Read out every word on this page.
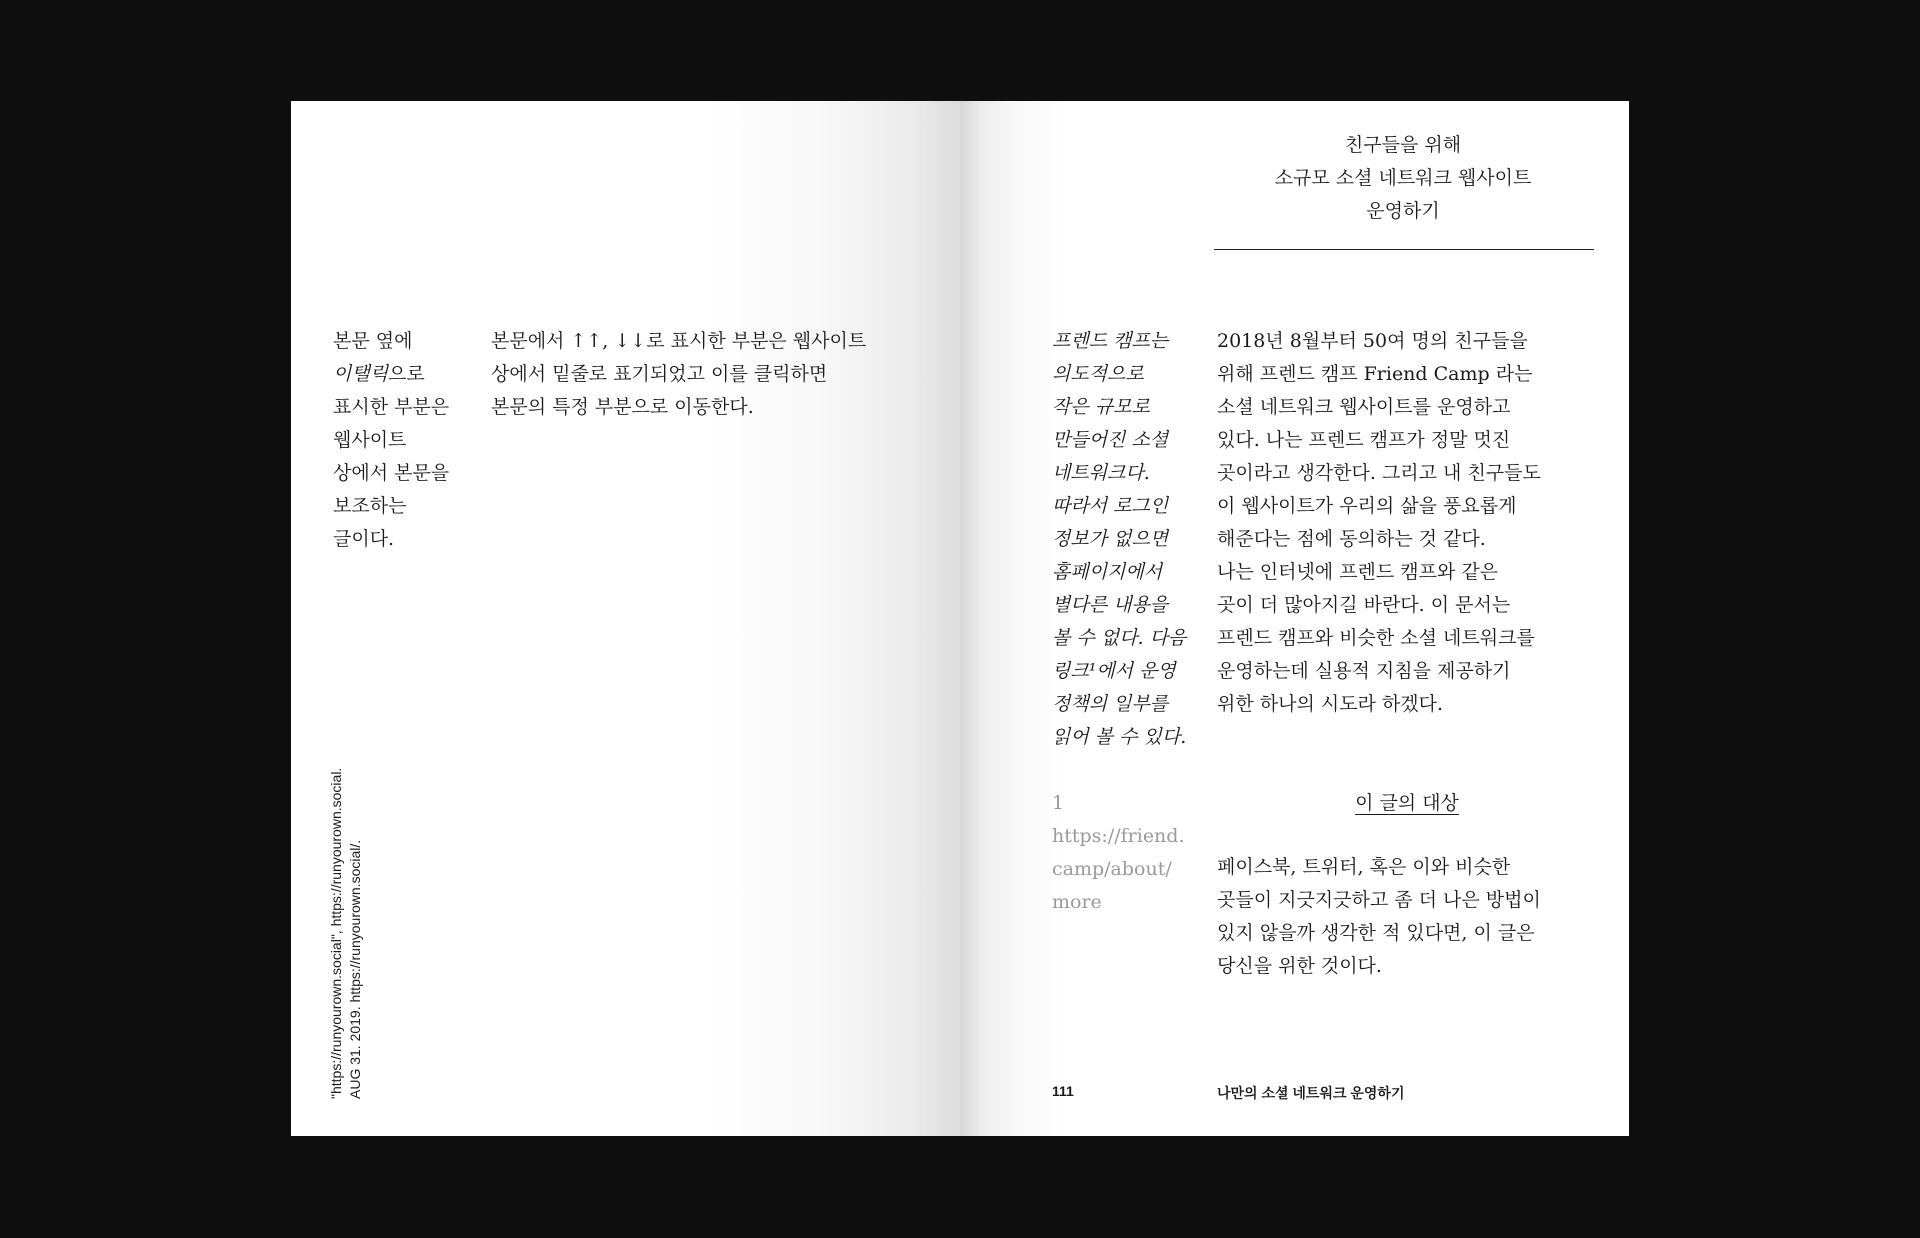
본문 옆에
이탤릭으로
표시한 부분은
웹사이트
상에서 본문을
보조하는
글이다.
본문에서 ↑↑, ↓↓로 표시한 부분은 웹사이트
상에서 밑줄로 표기되었고 이를 클릭하면
본문의 특정 부분으로 이동한다.
"https://runyourown.social", https://runyourown.social. AUG 31. 2019. https://runyourown.social/.
친구들을 위해
소규모 소셜 네트워크 웹사이트
운영하기
프렌드 캠프는
의도적으로
작은 규모로
만들어진 소셜
네트워크다.
따라서 로그인
정보가 없으면
홈페이지에서
별다른 내용을
볼 수 없다. 다음
링크¹에서 운영
정책의 일부를
읽어 볼 수 있다.
1
https://friend.
camp/about/
more
2018년 8월부터 50여 명의 친구들을
위해 프렌드 캠프 Friend Camp 라는
소셜 네트워크 웹사이트를 운영하고
있다. 나는 프렌드 캠프가 정말 멋진
곳이라고 생각한다. 그리고 내 친구들도
이 웹사이트가 우리의 삶을 풍요롭게
해준다는 점에 동의하는 것 같다.
나는 인터넷에 프렌드 캠프와 같은
곳이 더 많아지길 바란다. 이 문서는
프렌드 캠프와 비슷한 소셜 네트워크를
운영하는데 실용적 지침을 제공하기
위한 하나의 시도라 하겠다.
이 글의 대상
페이스북, 트위터, 혹은 이와 비슷한
곳들이 지긋지긋하고 좀 더 나은 방법이
있지 않을까 생각한 적 있다면, 이 글은
당신을 위한 것이다.
111	나만의 소셜 네트워크 운영하기
